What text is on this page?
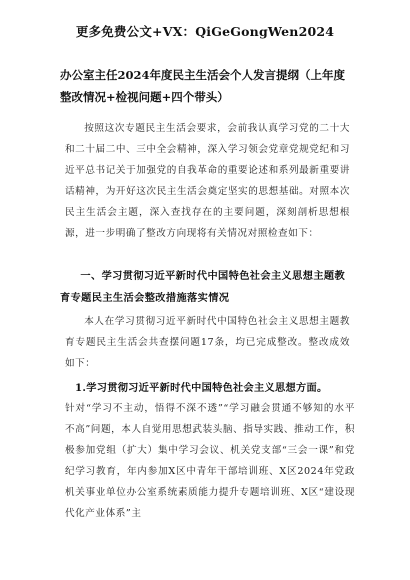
更多免费公文+VX：QiGeGongWen2024
办公室主任2024年度民主生活会个人发言提纲（上年度整改情况+检视问题+四个带头）
按照这次专题民主生活会要求，会前我认真学习党的二十大和二十届二中、三中全会精神，深入学习领会党章党规党纪和习近平总书记关于加强党的自我革命的重要论述和系列最新重要讲话精神，为开好这次民主生活会奠定坚实的思想基础。对照本次民主生活会主题，深入查找存在的主要问题，深刻剖析思想根源，进一步明确了整改方向现将有关情况对照检查如下：
一、学习贯彻习近平新时代中国特色社会主义思想主题教育专题民主生活会整改措施落实情况
本人在学习贯彻习近平新时代中国特色社会主义思想主题教育专题民主生活会共查摆问题17条，均已完成整改。整改成效如下：
1.学习贯彻习近平新时代中国特色社会主义思想方面。
针对“学习不主动，悟得不深不透”“学习融会贯通不够知的水平不高”问题，本人自觉用思想武装头脑、指导实践、推动工作，积极参加党组（扩大）集中学习会议、机关党支部“三会一课”和党纪学习教育，年内参加X区中青年干部培训班、X区2024年党政机关事业单位办公室系统素质能力提升专题培训班、X区“建设现代化产业体系”主
